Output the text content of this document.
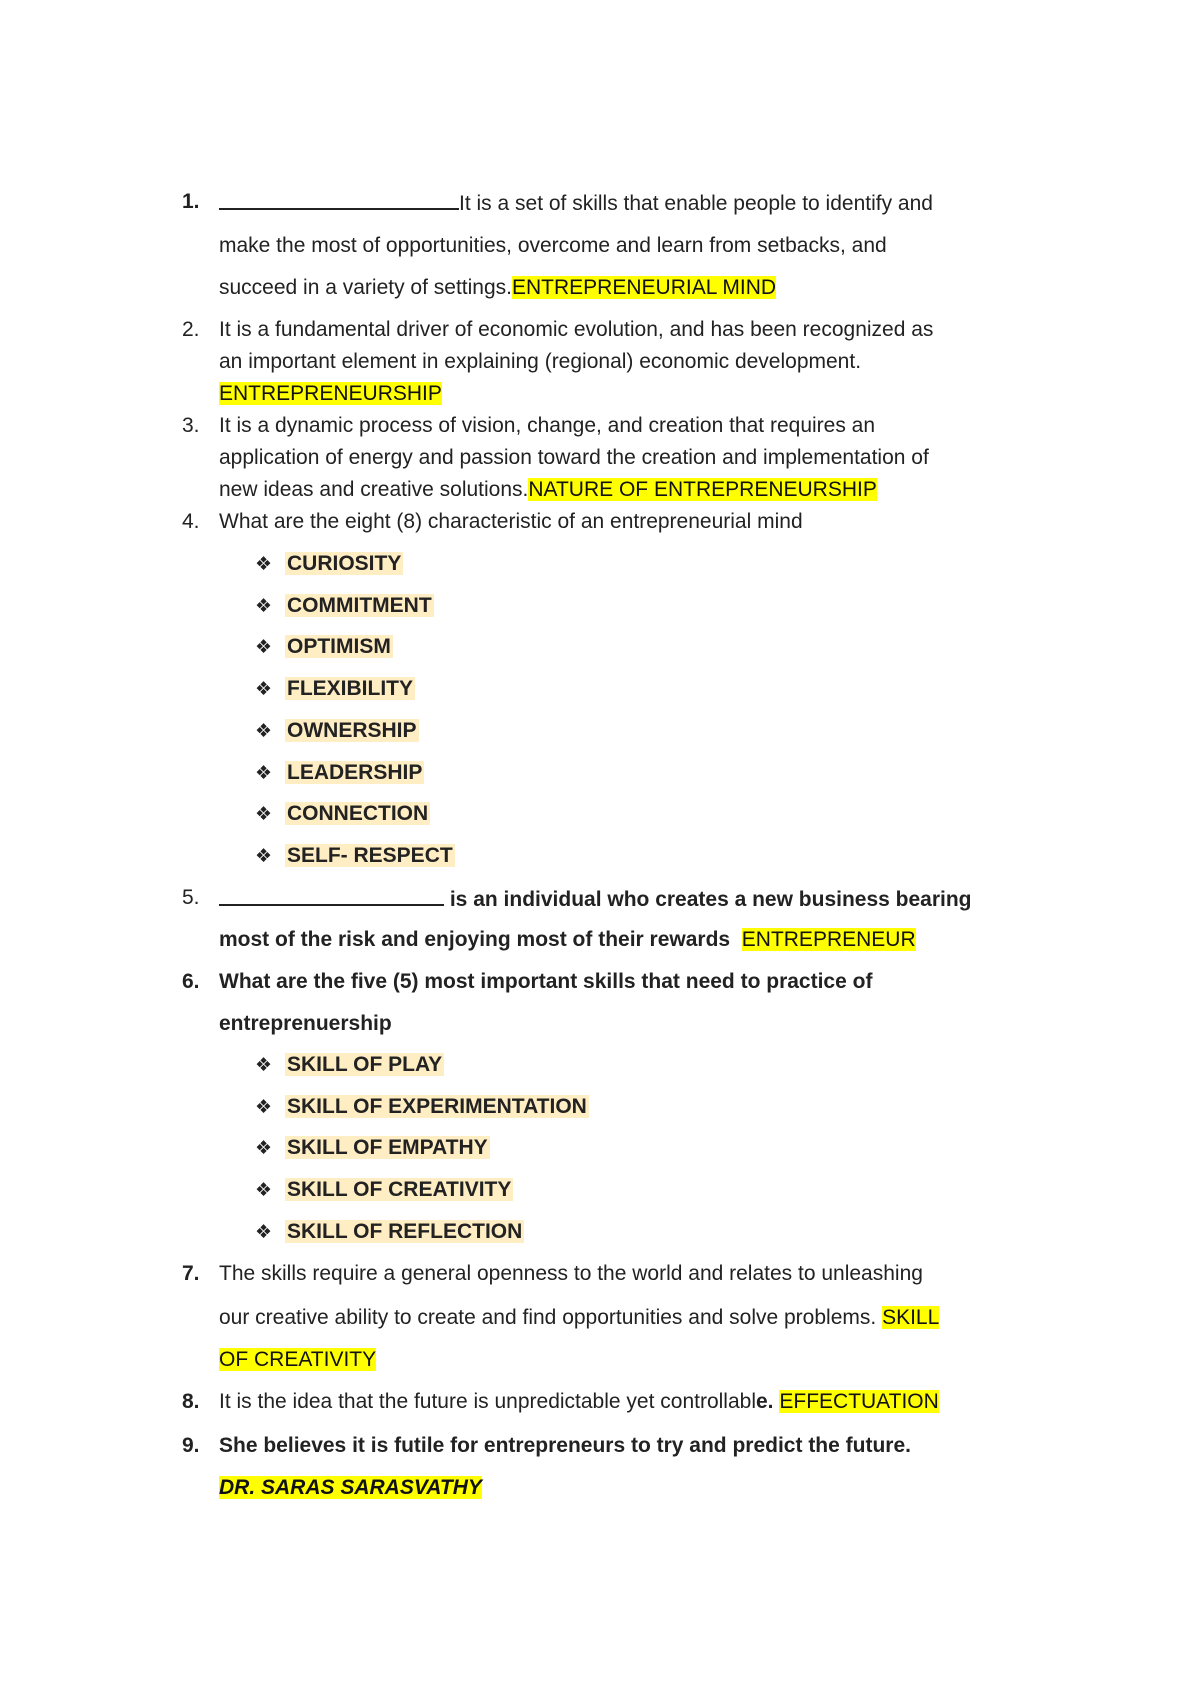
1.	It is a set of skills that enable people to identify and
make the most of opportunities, overcome and learn from setbacks, and
succeed in a variety of settings.ENTREPRENEURIAL MIND
2. It is a fundamental driver of economic evolution, and has been recognized as
an important element in explaining (regional) economic development.
ENTREPRENEURSHIP
3. It is a dynamic process of vision, change, and creation that requires an
application of energy and passion toward the creation and implementation of
new ideas and creative solutions.NATURE OF ENTREPRENEURSHIP
4. What are the eight (8) characteristic of an entrepreneurial mind
❖ CURIOSITY
❖ COMMITMENT
❖ OPTIMISM
❖ FLEXIBILITY
❖ OWNERSHIP
❖ LEADERSHIP
❖ CONNECTION
❖ SELF- RESPECT
5.	is an individual who creates a new business bearing
most of the risk and enjoying most of their rewards ENTREPRENEUR
6. What are the five (5) most important skills that need to practice of
entreprenuership
❖ SKILL OF PLAY
❖ SKILL OF EXPERIMENTATION
❖ SKILL OF EMPATHY
❖ SKILL OF CREATIVITY
❖ SKILL OF REFLECTION
7. The skills require a general openness to the world and relates to unleashing
our creative ability to create and find opportunities and solve problems. SKILL
OF CREATIVITY
8. It is the idea that the future is unpredictable yet controllable. EFFECTUATION
9. She believes it is futile for entrepreneurs to try and predict the future.
DR. SARAS SARASVATHY
